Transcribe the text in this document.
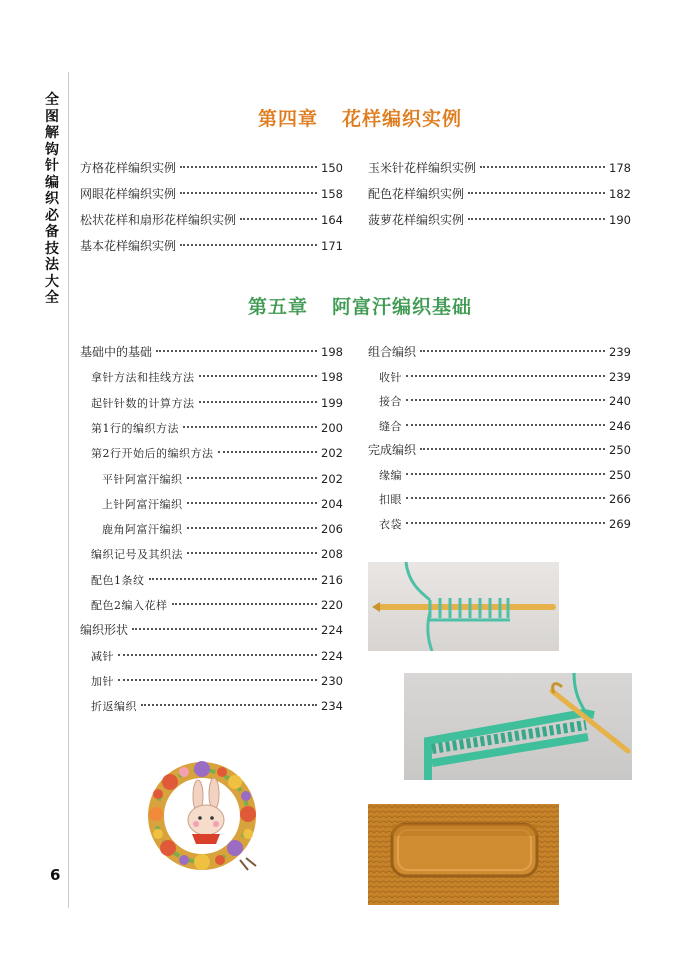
全图解钩针编织必备技法大全
6
第四章 花样编织实例
方格花样编织实例	150
网眼花样编织实例	158
松状花样和扇形花样编织实例	164
基本花样编织实例	171
玉米针花样编织实例	178
配色花样编织实例	182
菠萝花样编织实例	190
第五章 阿富汗编织基础
基础中的基础	198
拿针方法和挂线方法	198
起针针数的计算方法	199
第1行的编织方法	200
第2行开始后的编织方法	202
平针阿富汗编织	202
上针阿富汗编织	204
鹿角阿富汗编织	206
编织记号及其织法	208
配色1条纹	216
配色2编入花样	220
编织形状	224
减针	224
加针	230
折返编织	234
组合编织	239
收针	239
接合	240
缝合	246
完成编织	250
缘编	250
扣眼	266
衣袋	269
